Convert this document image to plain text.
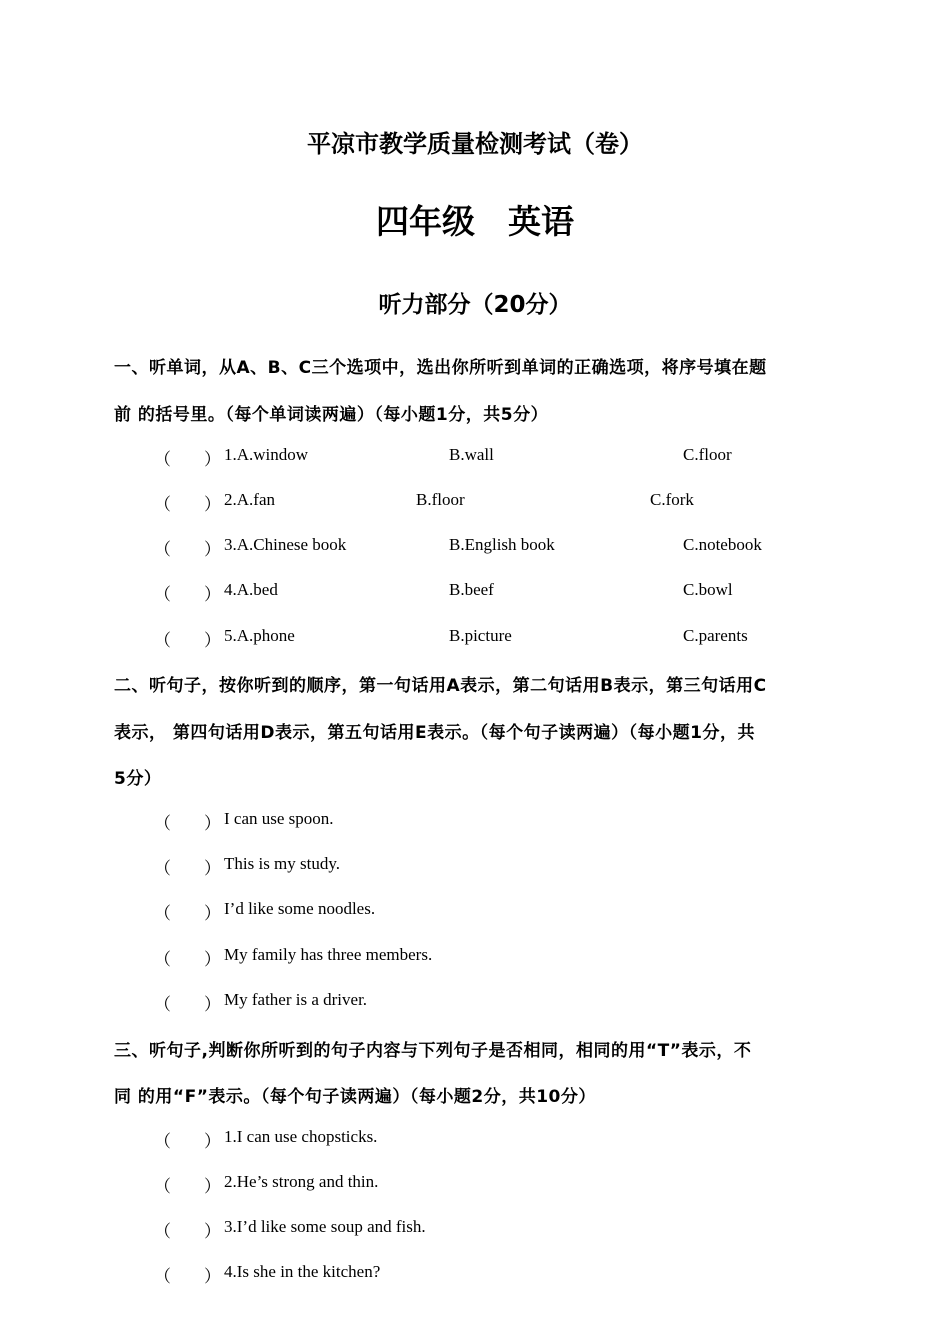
平凉市教学质量检测考试（卷）
四年级　英语
听力部分（20分）
一、听单词，从A、B、C三个选项中，选出你所听到单词的正确选项，将序号填在题
前 的括号里。（每个单词读两遍）（每小题1分，共5分）
（ ） 1.A.window	B.wall	C.floor
（ ） 2.A.fan	B.floor	C.fork
（ ） 3.A.Chinese book	B.English book	C.notebook
（ ） 4.A.bed	B.beef	C.bowl
（ ） 5.A.phone	B.picture	C.parents
二、听句子，按你听到的顺序，第一句话用A表示，第二句话用B表示，第三句话用C
表示， 第四句话用D表示，第五句话用E表示。（每个句子读两遍）（每小题1分，共
5分）
（ ） I can use spoon.
（ ） This is my study.
（ ） I’d like some noodles.
（ ） My family has three members.
（ ） My father is a driver.
三、听句子,判断你所听到的句子内容与下列句子是否相同，相同的用“T”表示，不
同 的用“F”表示。（每个句子读两遍）（每小题2分，共10分）
（ ） 1.I can use chopsticks.
（ ） 2.He’s strong and thin.
（ ） 3.I’d like some soup and fish.
（ ） 4.Is she in the kitchen?
